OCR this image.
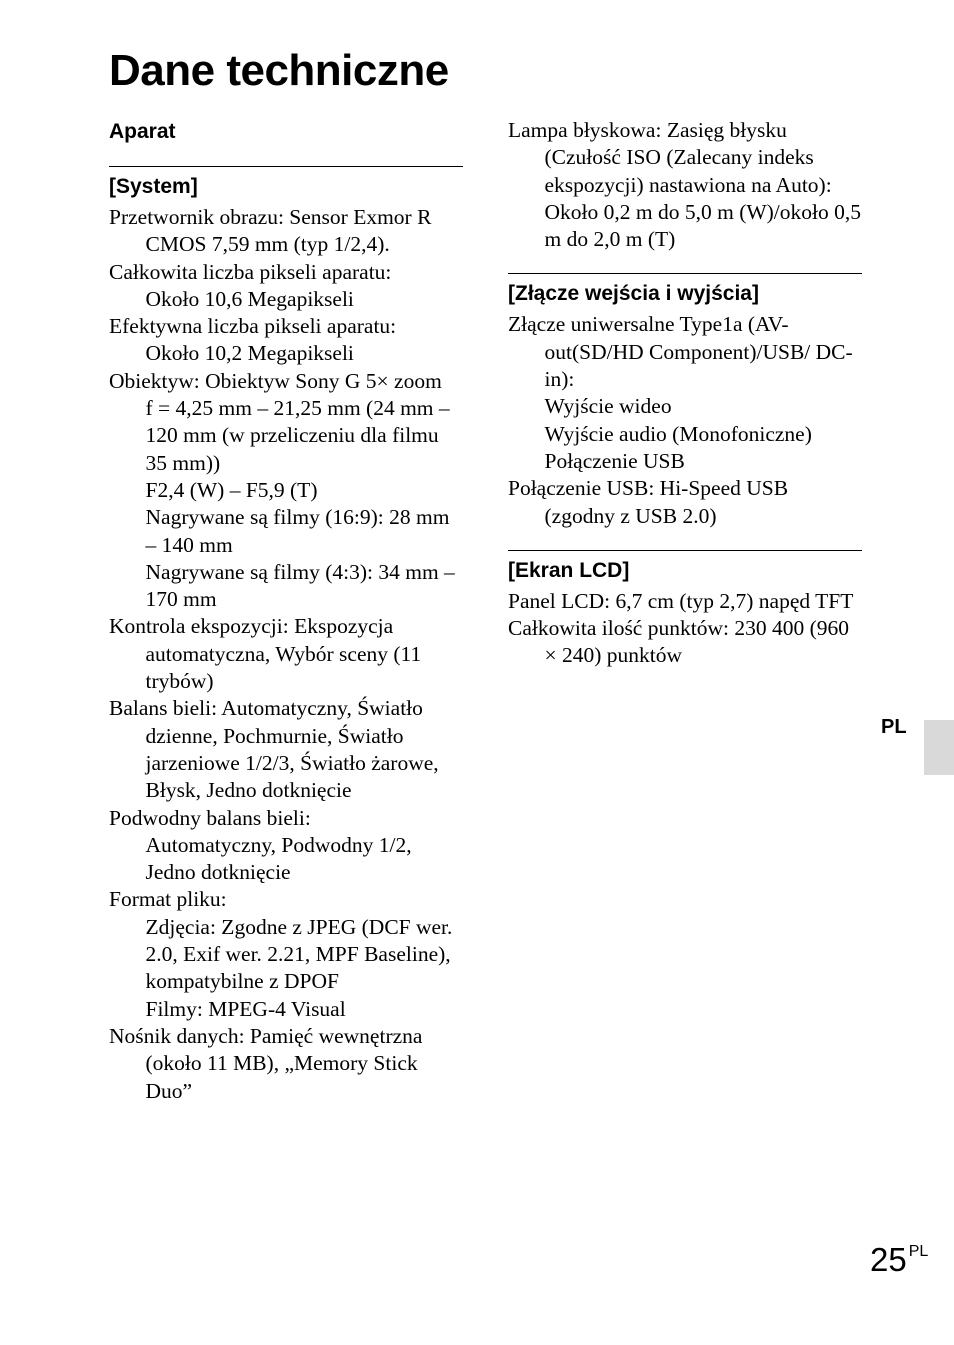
Dane techniczne
Aparat
[System]
Przetwornik obrazu: Sensor Exmor R CMOS 7,59 mm (typ 1/2,4).
Całkowita liczba pikseli aparatu:
Około 10,6 Megapikseli
Efektywna liczba pikseli aparatu:
Około 10,2 Megapikseli
Obiektyw: Obiektyw Sony G 5× zoom
f = 4,25 mm – 21,25 mm (24 mm – 120 mm (w przeliczeniu dla filmu 35 mm))
F2,4 (W) – F5,9 (T)
Nagrywane są filmy (16:9): 28 mm – 140 mm
Nagrywane są filmy (4:3): 34 mm – 170 mm
Kontrola ekspozycji: Ekspozycja automatyczna, Wybór sceny (11 trybów)
Balans bieli: Automatyczny, Światło dzienne, Pochmurnie, Światło jarzeniowe 1/2/3, Światło żarowe, Błysk, Jedno dotknięcie
Podwodny balans bieli:
Automatyczny, Podwodny 1/2, Jedno dotknięcie
Format pliku:
Zdjęcia: Zgodne z JPEG (DCF wer. 2.0, Exif wer. 2.21, MPF Baseline), kompatybilne z DPOF
Filmy: MPEG-4 Visual
Nośnik danych: Pamięć wewnętrzna (około 11 MB), „Memory Stick Duo”
Lampa błyskowa: Zasięg błysku (Czułość ISO (Zalecany indeks ekspozycji) nastawiona na Auto):
Około 0,2 m do 5,0 m (W)/około 0,5 m do 2,0 m (T)
[Złącze wejścia i wyjścia]
Złącze uniwersalne Type1a (AV-out(SD/HD Component)/USB/ DC-in):
Wyjście wideo
Wyjście audio (Monofoniczne)
Połączenie USB
Połączenie USB: Hi-Speed USB (zgodny z USB 2.0)
[Ekran LCD]
Panel LCD: 6,7 cm (typ 2,7) napęd TFT
Całkowita ilość punktów: 230 400 (960 × 240) punktów
PL
25 $^{PL}$
